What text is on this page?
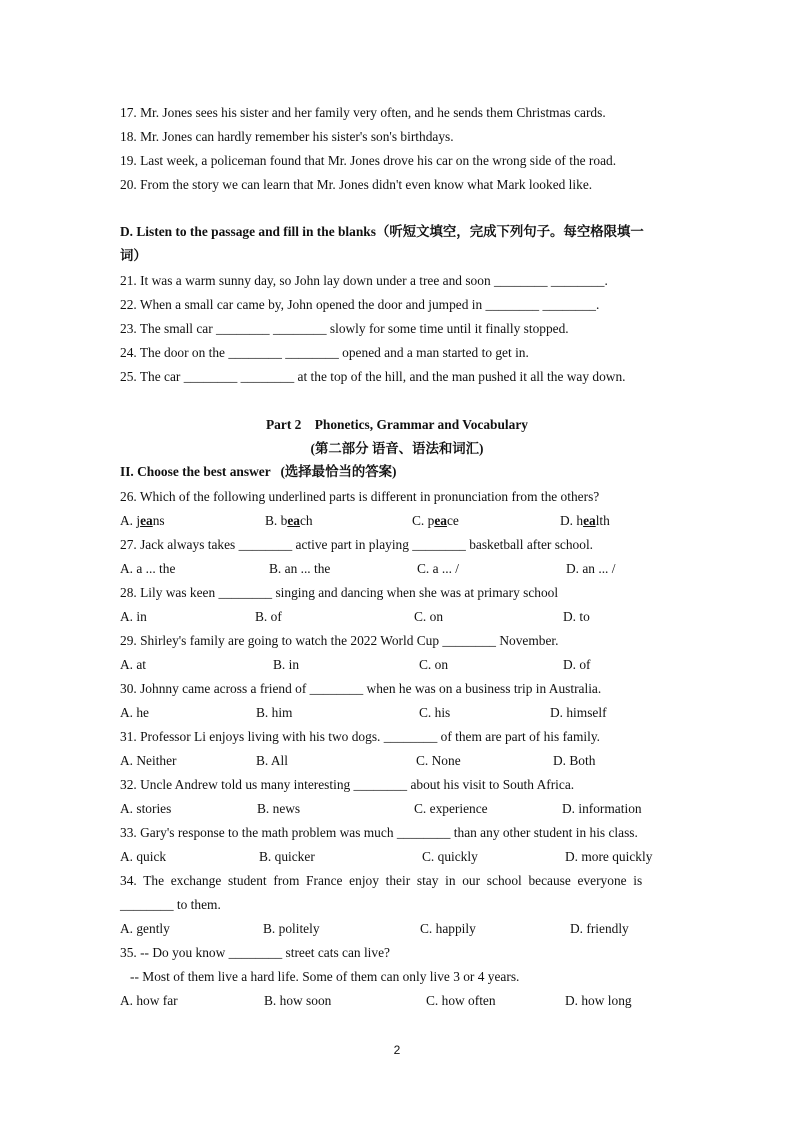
17. Mr. Jones sees his sister and her family very often, and he sends them Christmas cards.
18. Mr. Jones can hardly remember his sister's son's birthdays.
19. Last week, a policeman found that Mr. Jones drove his car on the wrong side of the road.
20. From the story we can learn that Mr. Jones didn't even know what Mark looked like.
D. Listen to the passage and fill in the blanks（听短文填空，完成下列句子。每空格限填一
词）
21. It was a warm sunny day, so John lay down under a tree and soon ________ ________.
22. When a small car came by, John opened the door and jumped in ________ ________.
23. The small car ________ ________ slowly for some time until it finally stopped.
24. The door on the ________ ________ opened and a man started to get in.
25. The car ________ ________ at the top of the hill, and the man pushed it all the way down.
Part 2    Phonetics, Grammar and Vocabulary
(第二部分 语音、语法和词汇)
II. Choose the best answer   (选择最恰当的答案)
26. Which of the following underlined parts is different in pronunciation from the others?
A. jeans	B. beach	C. peace	D. health
27. Jack always takes ________ active part in playing ________ basketball after school.
A. a ... the	B. an ... the	C. a ... /	D. an ... /
28. Lily was keen ________ singing and dancing when she was at primary school
A. in	B. of	C. on	D. to
29. Shirley's family are going to watch the 2022 World Cup ________ November.
A. at	B. in	C. on	D. of
30. Johnny came across a friend of ________ when he was on a business trip in Australia.
A. he	B. him	C. his	D. himself
31. Professor Li enjoys living with his two dogs. ________ of them are part of his family.
A. Neither	B. All	C. None	D. Both
32. Uncle Andrew told us many interesting ________ about his visit to South Africa.
A. stories	B. news	C. experience	D. information
33. Gary's response to the math problem was much ________ than any other student in his class.
A. quick	B. quicker	C. quickly	D. more quickly
34.  The  exchange  student  from  France  enjoy  their  stay  in  our  school  because  everyone  is
________ to them.
A. gently	B. politely	C. happily	D. friendly
35. -- Do you know ________ street cats can live?
-- Most of them live a hard life. Some of them can only live 3 or 4 years.
A. how far	B. how soon	C. how often	D. how long
2
